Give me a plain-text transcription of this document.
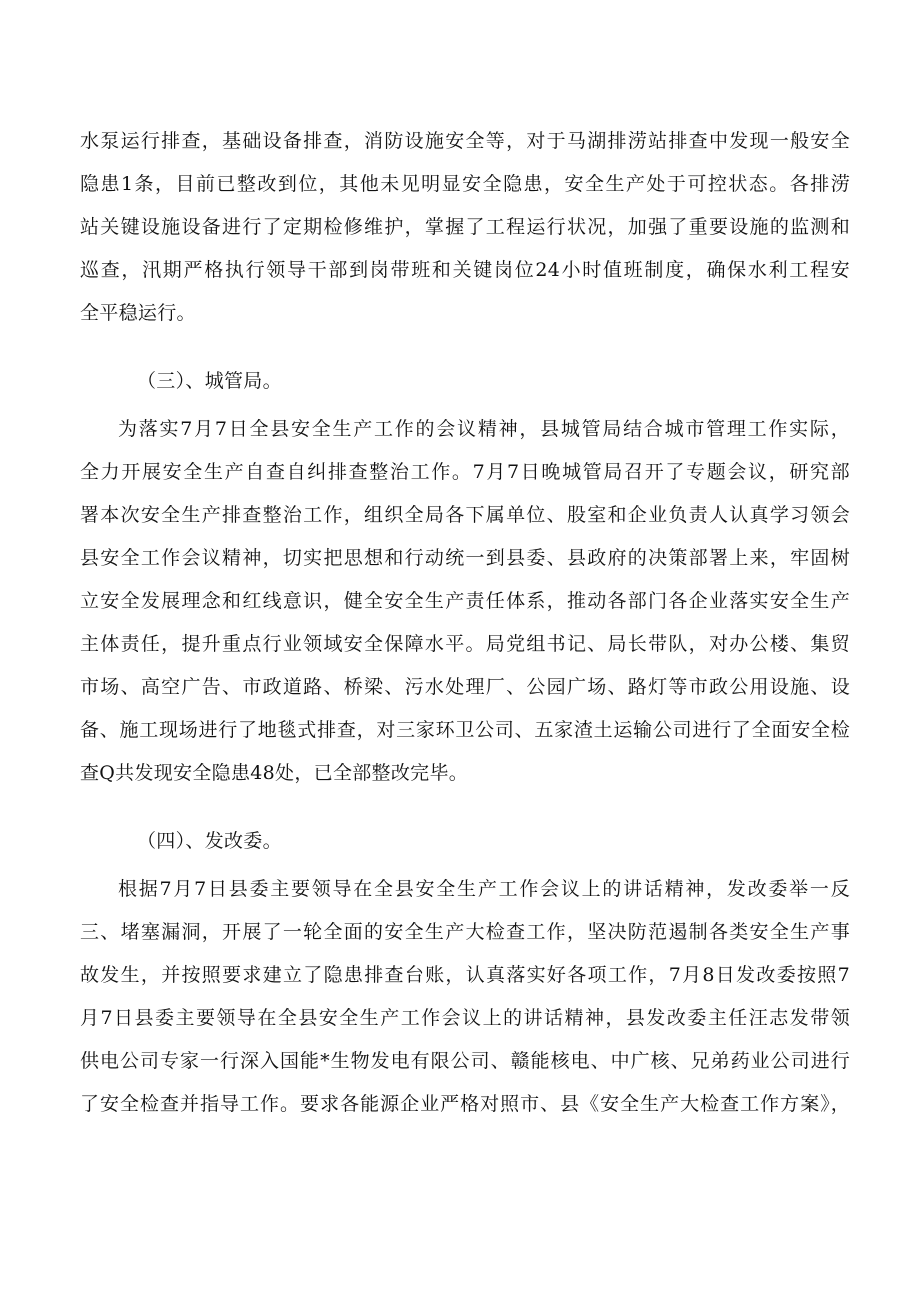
水泵运行排查，基础设备排查，消防设施安全等，对于马湖排涝站排查中发现一般安全
隐患1条，目前已整改到位，其他未见明显安全隐患，安全生产处于可控状态。各排涝
站关键设施设备进行了定期检修维护，掌握了工程运行状况，加强了重要设施的监测和
巡查，汛期严格执行领导干部到岗带班和关键岗位24小时值班制度，确保水利工程安
全平稳运行。
（三）、城管局。
为落实7月7日全县安全生产工作的会议精神，县城管局结合城市管理工作实际，
全力开展安全生产自查自纠排查整治工作。7月7日晚城管局召开了专题会议，研究部
署本次安全生产排查整治工作，组织全局各下属单位、股室和企业负责人认真学习领会
县安全工作会议精神，切实把思想和行动统一到县委、县政府的决策部署上来，牢固树
立安全发展理念和红线意识，健全安全生产责任体系，推动各部门各企业落实安全生产
主体责任，提升重点行业领域安全保障水平。局党组书记、局长带队，对办公楼、集贸
市场、高空广告、市政道路、桥梁、污水处理厂、公园广场、路灯等市政公用设施、设
备、施工现场进行了地毯式排查，对三家环卫公司、五家渣土运输公司进行了全面安全检
查Q共发现安全隐患48处，已全部整改完毕。
（四）、发改委。
根据7月7日县委主要领导在全县安全生产工作会议上的讲话精神，发改委举一反
三、堵塞漏洞，开展了一轮全面的安全生产大检查工作，坚决防范遏制各类安全生产事
故发生，并按照要求建立了隐患排查台账，认真落实好各项工作，7月8日发改委按照7
月7日县委主要领导在全县安全生产工作会议上的讲话精神，县发改委主任汪志发带领
供电公司专家一行深入国能*生物发电有限公司、赣能核电、中广核、兄弟药业公司进行
了安全检查并指导工作。要求各能源企业严格对照市、县《安全生产大检查工作方案》，
